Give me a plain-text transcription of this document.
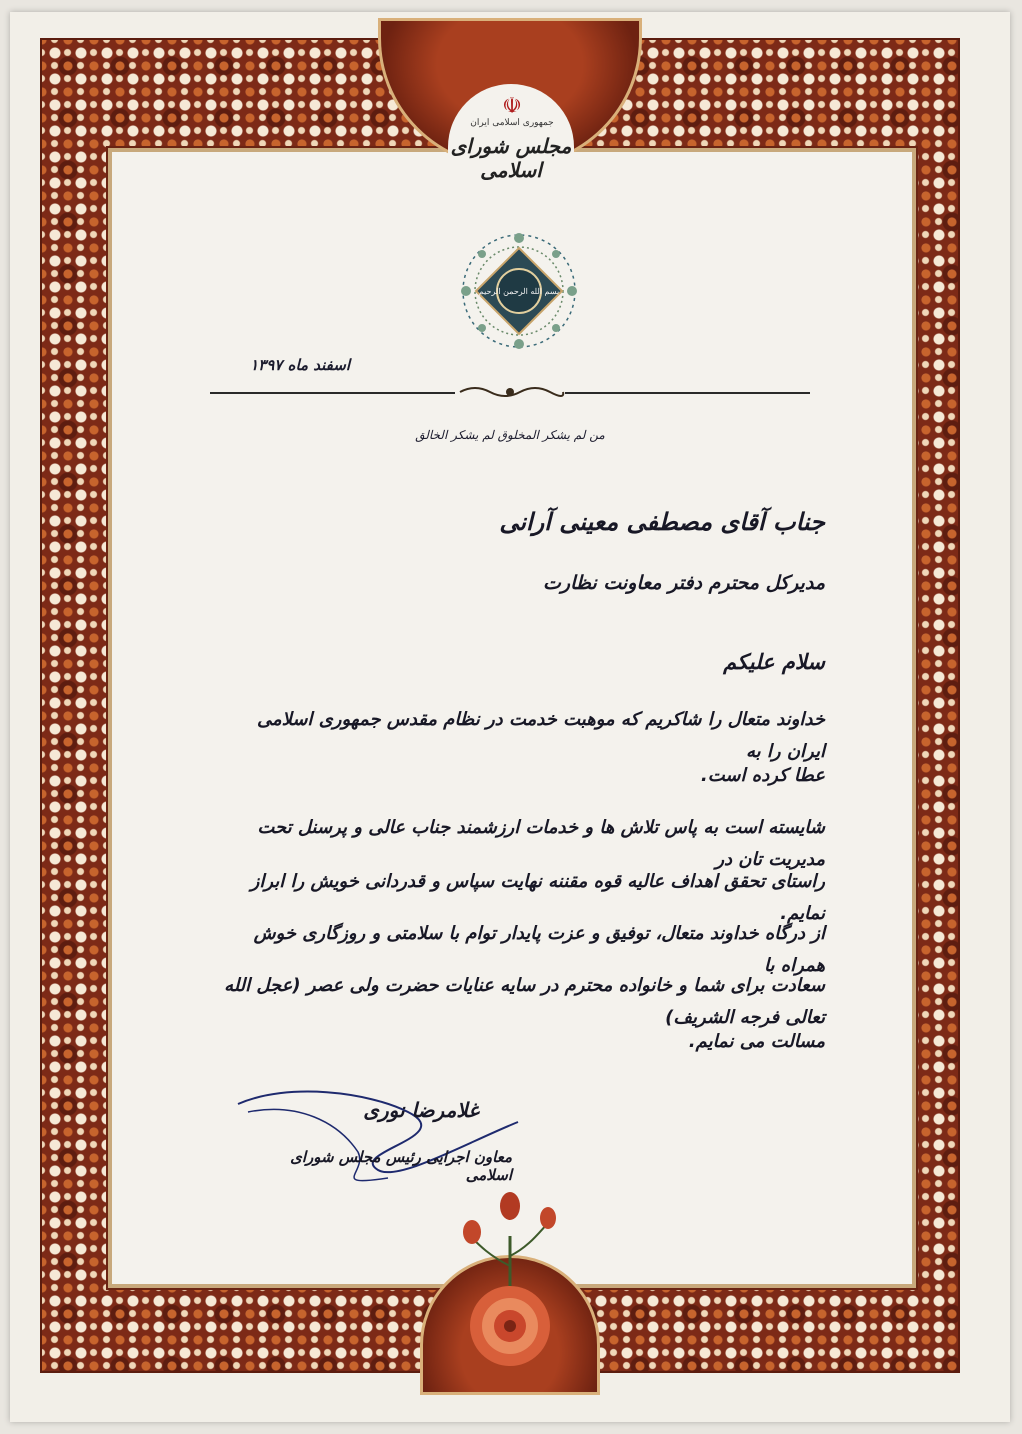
☫
جمهوری اسلامی ایران
مجلس شورای اسلامی
بسم الله الرحمن الرحیم
اسفند ماه ۱۳۹۷
من لم یشکر المخلوق لم یشکر الخالق
جناب آقای مصطفی معینی آرانی
مدیرکل محترم دفتر معاونت نظارت
سلام علیکم
خداوند متعال را شاکریم که موهبت خدمت در نظام مقدس جمهوری اسلامی ایران را به
عطا کرده است.
شایسته است به پاس تلاش ها و خدمات ارزشمند جناب عالی و پرسنل تحت مدیریت تان در
راستای تحقق اهداف عالیه قوه مقننه نهایت سپاس و قدردانی خویش را ابراز نمایم.
از درگاه خداوند متعال، توفیق و عزت پایدار توام با سلامتی و روزگاری خوش همراه با
سعادت برای شما و خانواده محترم در سایه عنایات حضرت ولی عصر (عجل الله تعالی فرجه الشریف)
مسالت می نمایم.
غلامرضا نوری
معاون اجرایی رئیس مجلس شورای اسلامی
